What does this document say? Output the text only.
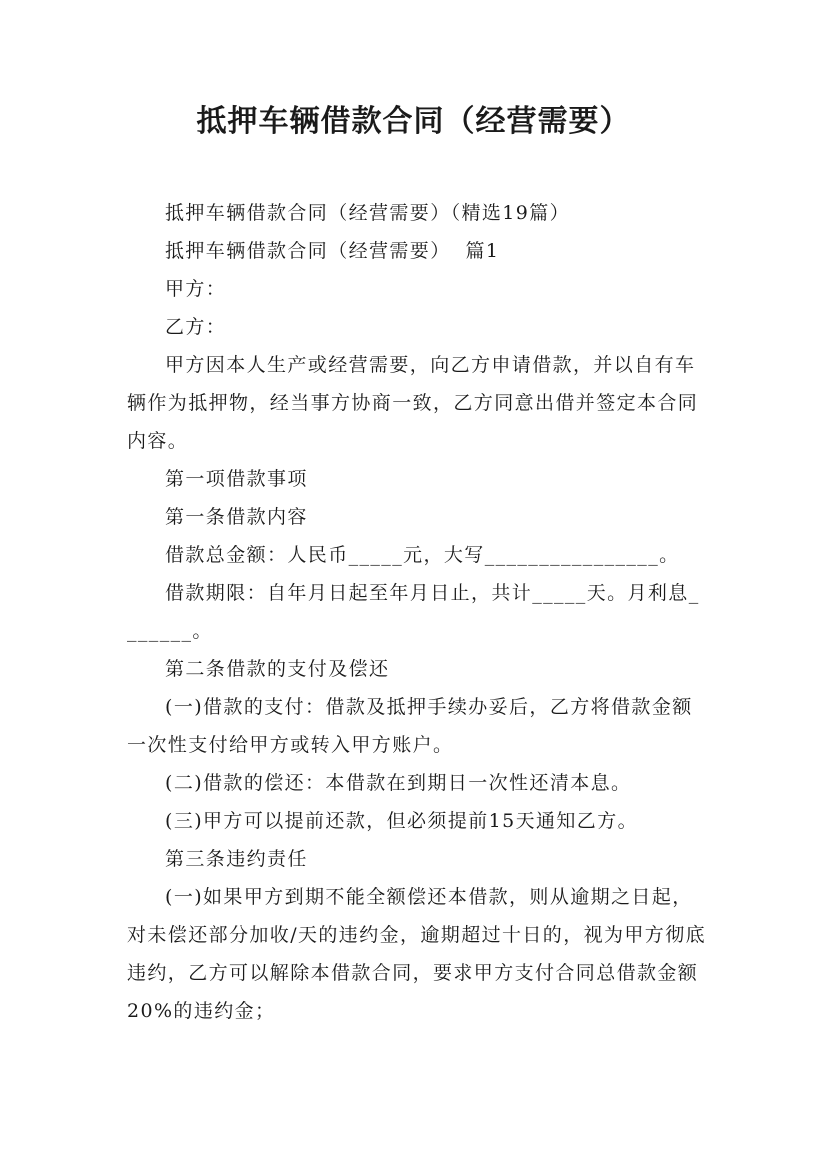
抵押车辆借款合同（经营需要）

抵押车辆借款合同（经营需要）（精选19篇）

抵押车辆借款合同（经营需要）  篇1

甲方：

乙方：

甲方因本人生产或经营需要，向乙方申请借款，并以自有车辆作为抵押物，经当事方协商一致，乙方同意出借并签定本合同内容。

第一项借款事项

第一条借款内容

借款总金额：人民币_____元，大写________________。

借款期限：自年月日起至年月日止，共计_____天。月利息_______。

第二条借款的支付及偿还

(一)借款的支付：借款及抵押手续办妥后，乙方将借款金额一次性支付给甲方或转入甲方账户。

(二)借款的偿还：本借款在到期日一次性还清本息。

(三)甲方可以提前还款，但必须提前15天通知乙方。

第三条违约责任

(一)如果甲方到期不能全额偿还本借款，则从逾期之日起，对未偿还部分加收/天的违约金，逾期超过十日的，视为甲方彻底违约，乙方可以解除本借款合同，要求甲方支付合同总借款金额20%的违约金；
